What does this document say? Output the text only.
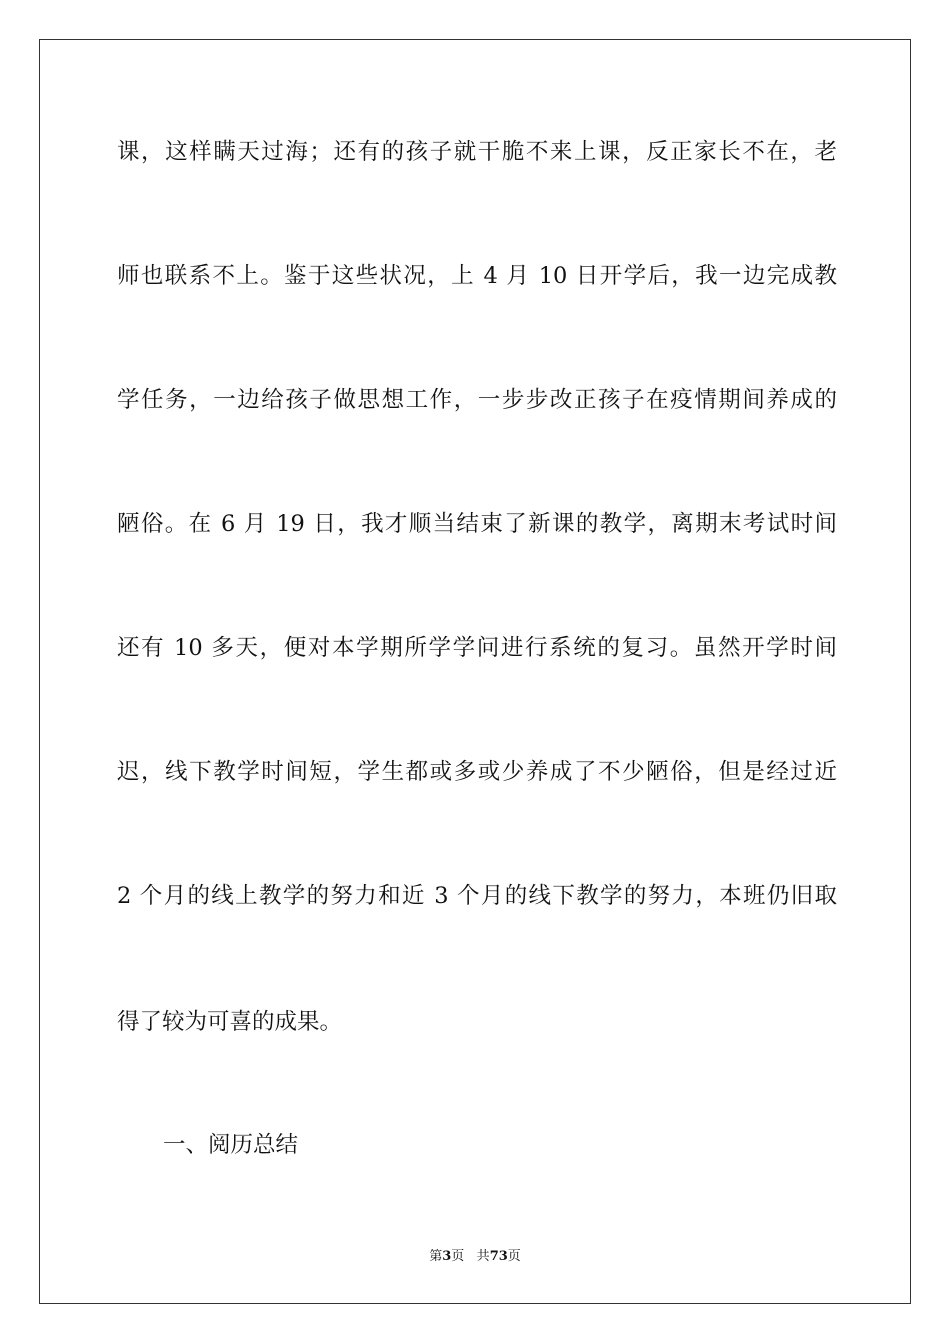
课，这样瞒天过海；还有的孩子就干脆不来上课，反正家长不在，老
师也联系不上。鉴于这些状况，上 4 月 10 日开学后，我一边完成教
学任务，一边给孩子做思想工作，一步步改正孩子在疫情期间养成的
陋俗。在 6 月 19 日，我才顺当结束了新课的教学，离期末考试时间
还有 10 多天，便对本学期所学学问进行系统的复习。虽然开学时间
迟，线下教学时间短，学生都或多或少养成了不少陋俗，但是经过近
2 个月的线上教学的努力和近 3 个月的线下教学的努力，本班仍旧取
得了较为可喜的成果。
一、阅历总结
第3页 共73页
